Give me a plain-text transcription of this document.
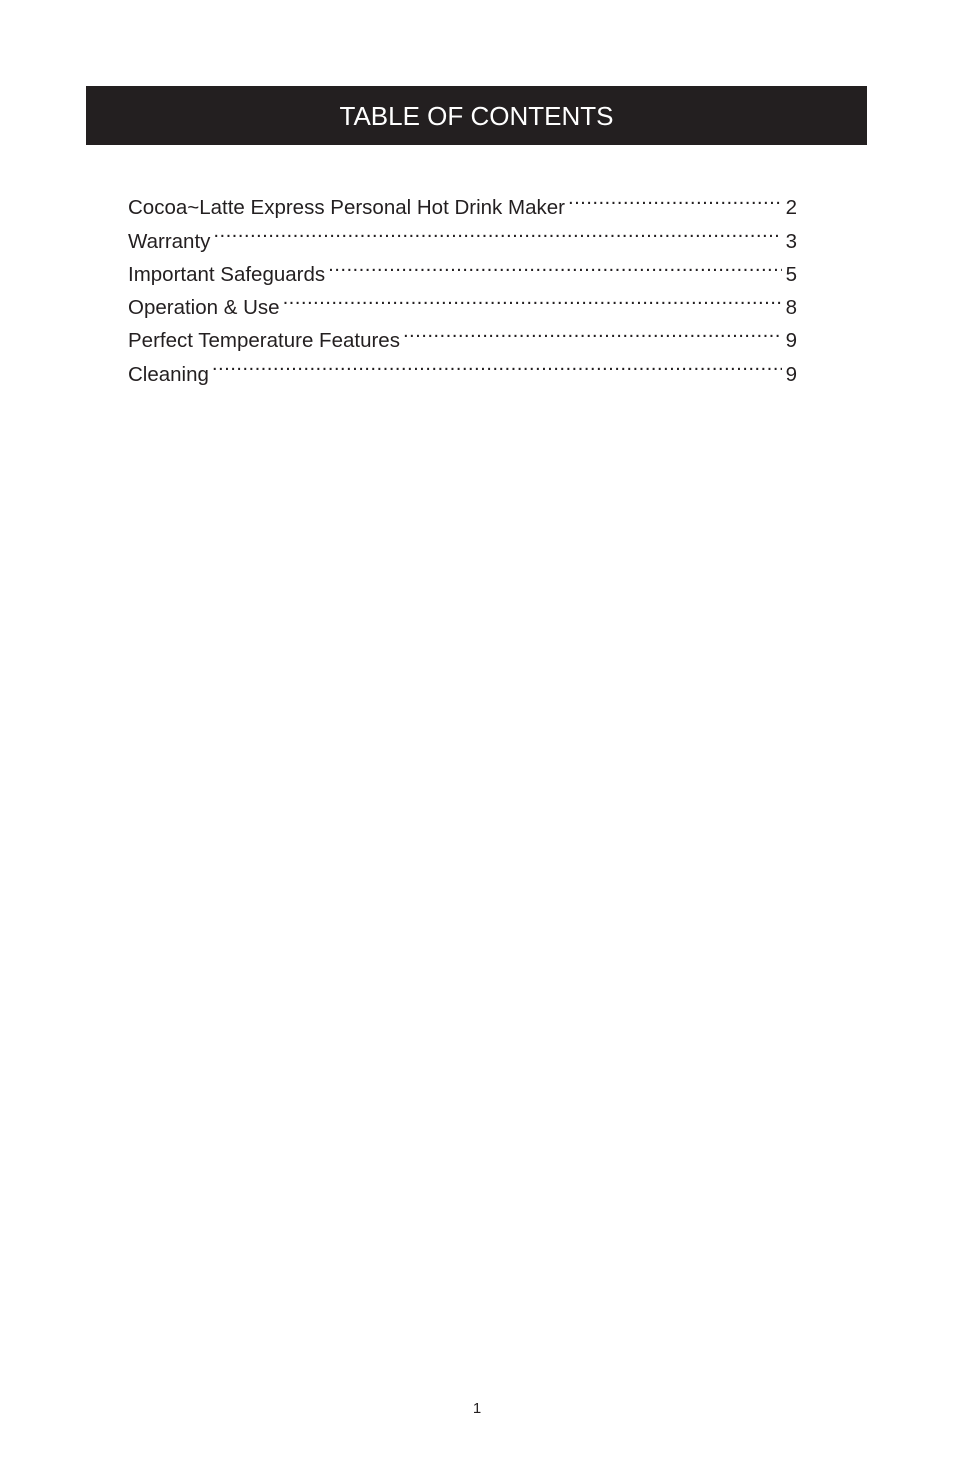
TABLE OF CONTENTS
Cocoa~Latte Express Personal Hot Drink Maker .....	2
Warranty .....	3
Important Safeguards .....	5
Operation & Use .....	8
Perfect Temperature Features .....	9
Cleaning .....	9
1
